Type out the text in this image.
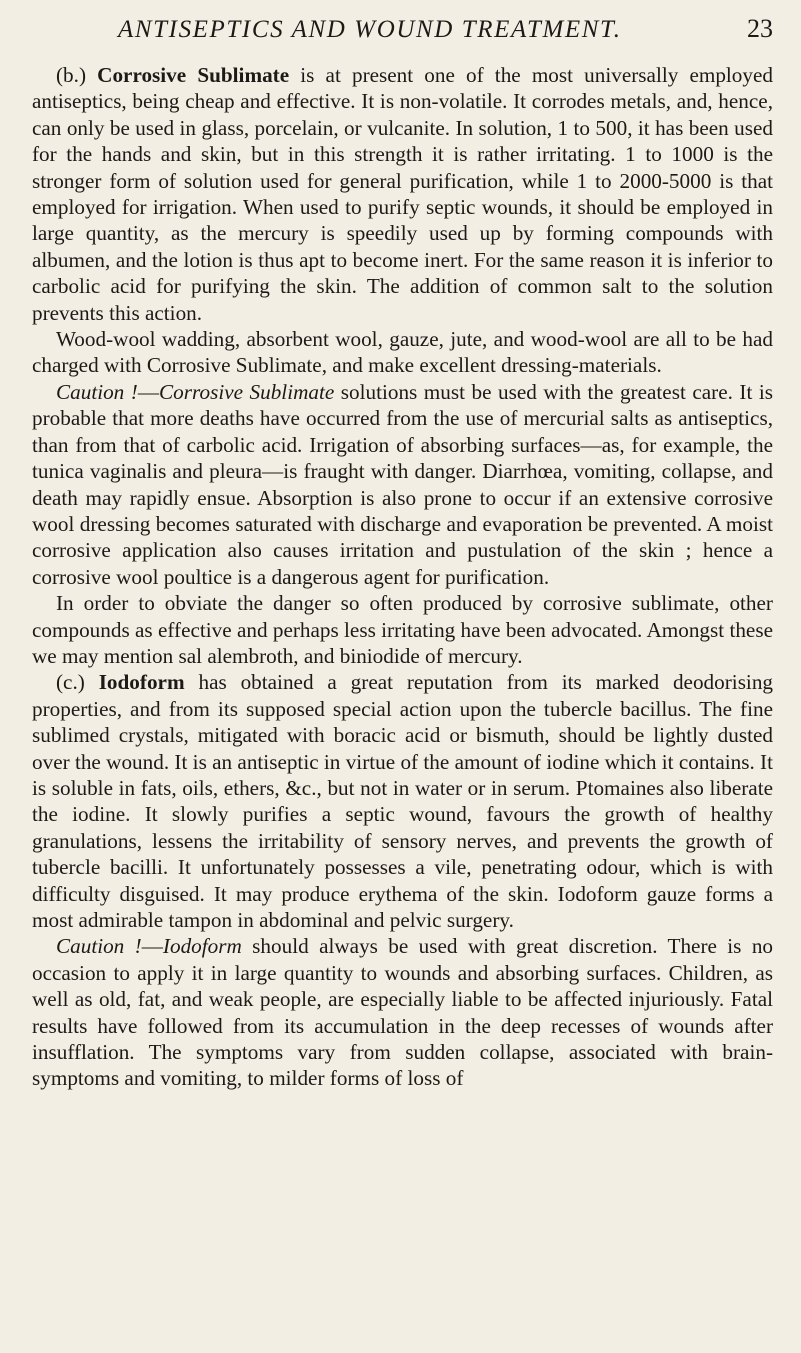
ANTISEPTICS AND WOUND TREATMENT.	23

(b.) Corrosive Sublimate is at present one of the most universally employed antiseptics, being cheap and effective. It is non-volatile. It corrodes metals, and, hence, can only be used in glass, porcelain, or vulcanite. In solution, 1 to 500, it has been used for the hands and skin, but in this strength it is rather irritating. 1 to 1000 is the stronger form of solution used for general purification, while 1 to 2000-5000 is that employed for irrigation. When used to purify septic wounds, it should be employed in large quantity, as the mercury is speedily used up by forming compounds with albumen, and the lotion is thus apt to become inert. For the same reason it is inferior to carbolic acid for purifying the skin. The addition of common salt to the solution prevents this action.

Wood-wool wadding, absorbent wool, gauze, jute, and wood-wool are all to be had charged with Corrosive Sublimate, and make excellent dressing-materials.

Caution !—Corrosive Sublimate solutions must be used with the greatest care. It is probable that more deaths have occurred from the use of mercurial salts as antiseptics, than from that of carbolic acid. Irrigation of absorbing surfaces—as, for example, the tunica vaginalis and pleura—is fraught with danger. Diarrhœa, vomiting, collapse, and death may rapidly ensue. Absorption is also prone to occur if an extensive corrosive wool dressing becomes saturated with discharge and evaporation be prevented. A moist corrosive application also causes irritation and pustulation of the skin ; hence a corrosive wool poultice is a dangerous agent for purification.

In order to obviate the danger so often produced by corrosive sublimate, other compounds as effective and perhaps less irritating have been advocated. Amongst these we may mention sal alembroth, and biniodide of mercury.

(c.) Iodoform has obtained a great reputation from its marked deodorising properties, and from its supposed special action upon the tubercle bacillus. The fine sublimed crystals, mitigated with boracic acid or bismuth, should be lightly dusted over the wound. It is an antiseptic in virtue of the amount of iodine which it contains. It is soluble in fats, oils, ethers, &c., but not in water or in serum. Ptomaines also liberate the iodine. It slowly purifies a septic wound, favours the growth of healthy granulations, lessens the irritability of sensory nerves, and prevents the growth of tubercle bacilli. It unfortunately possesses a vile, penetrating odour, which is with difficulty disguised. It may produce erythema of the skin. Iodoform gauze forms a most admirable tampon in abdominal and pelvic surgery.

Caution !—Iodoform should always be used with great discretion. There is no occasion to apply it in large quantity to wounds and absorbing surfaces. Children, as well as old, fat, and weak people, are especially liable to be affected injuriously. Fatal results have followed from its accumulation in the deep recesses of wounds after insufflation. The symptoms vary from sudden collapse, associated with brain-symptoms and vomiting, to milder forms of loss of
